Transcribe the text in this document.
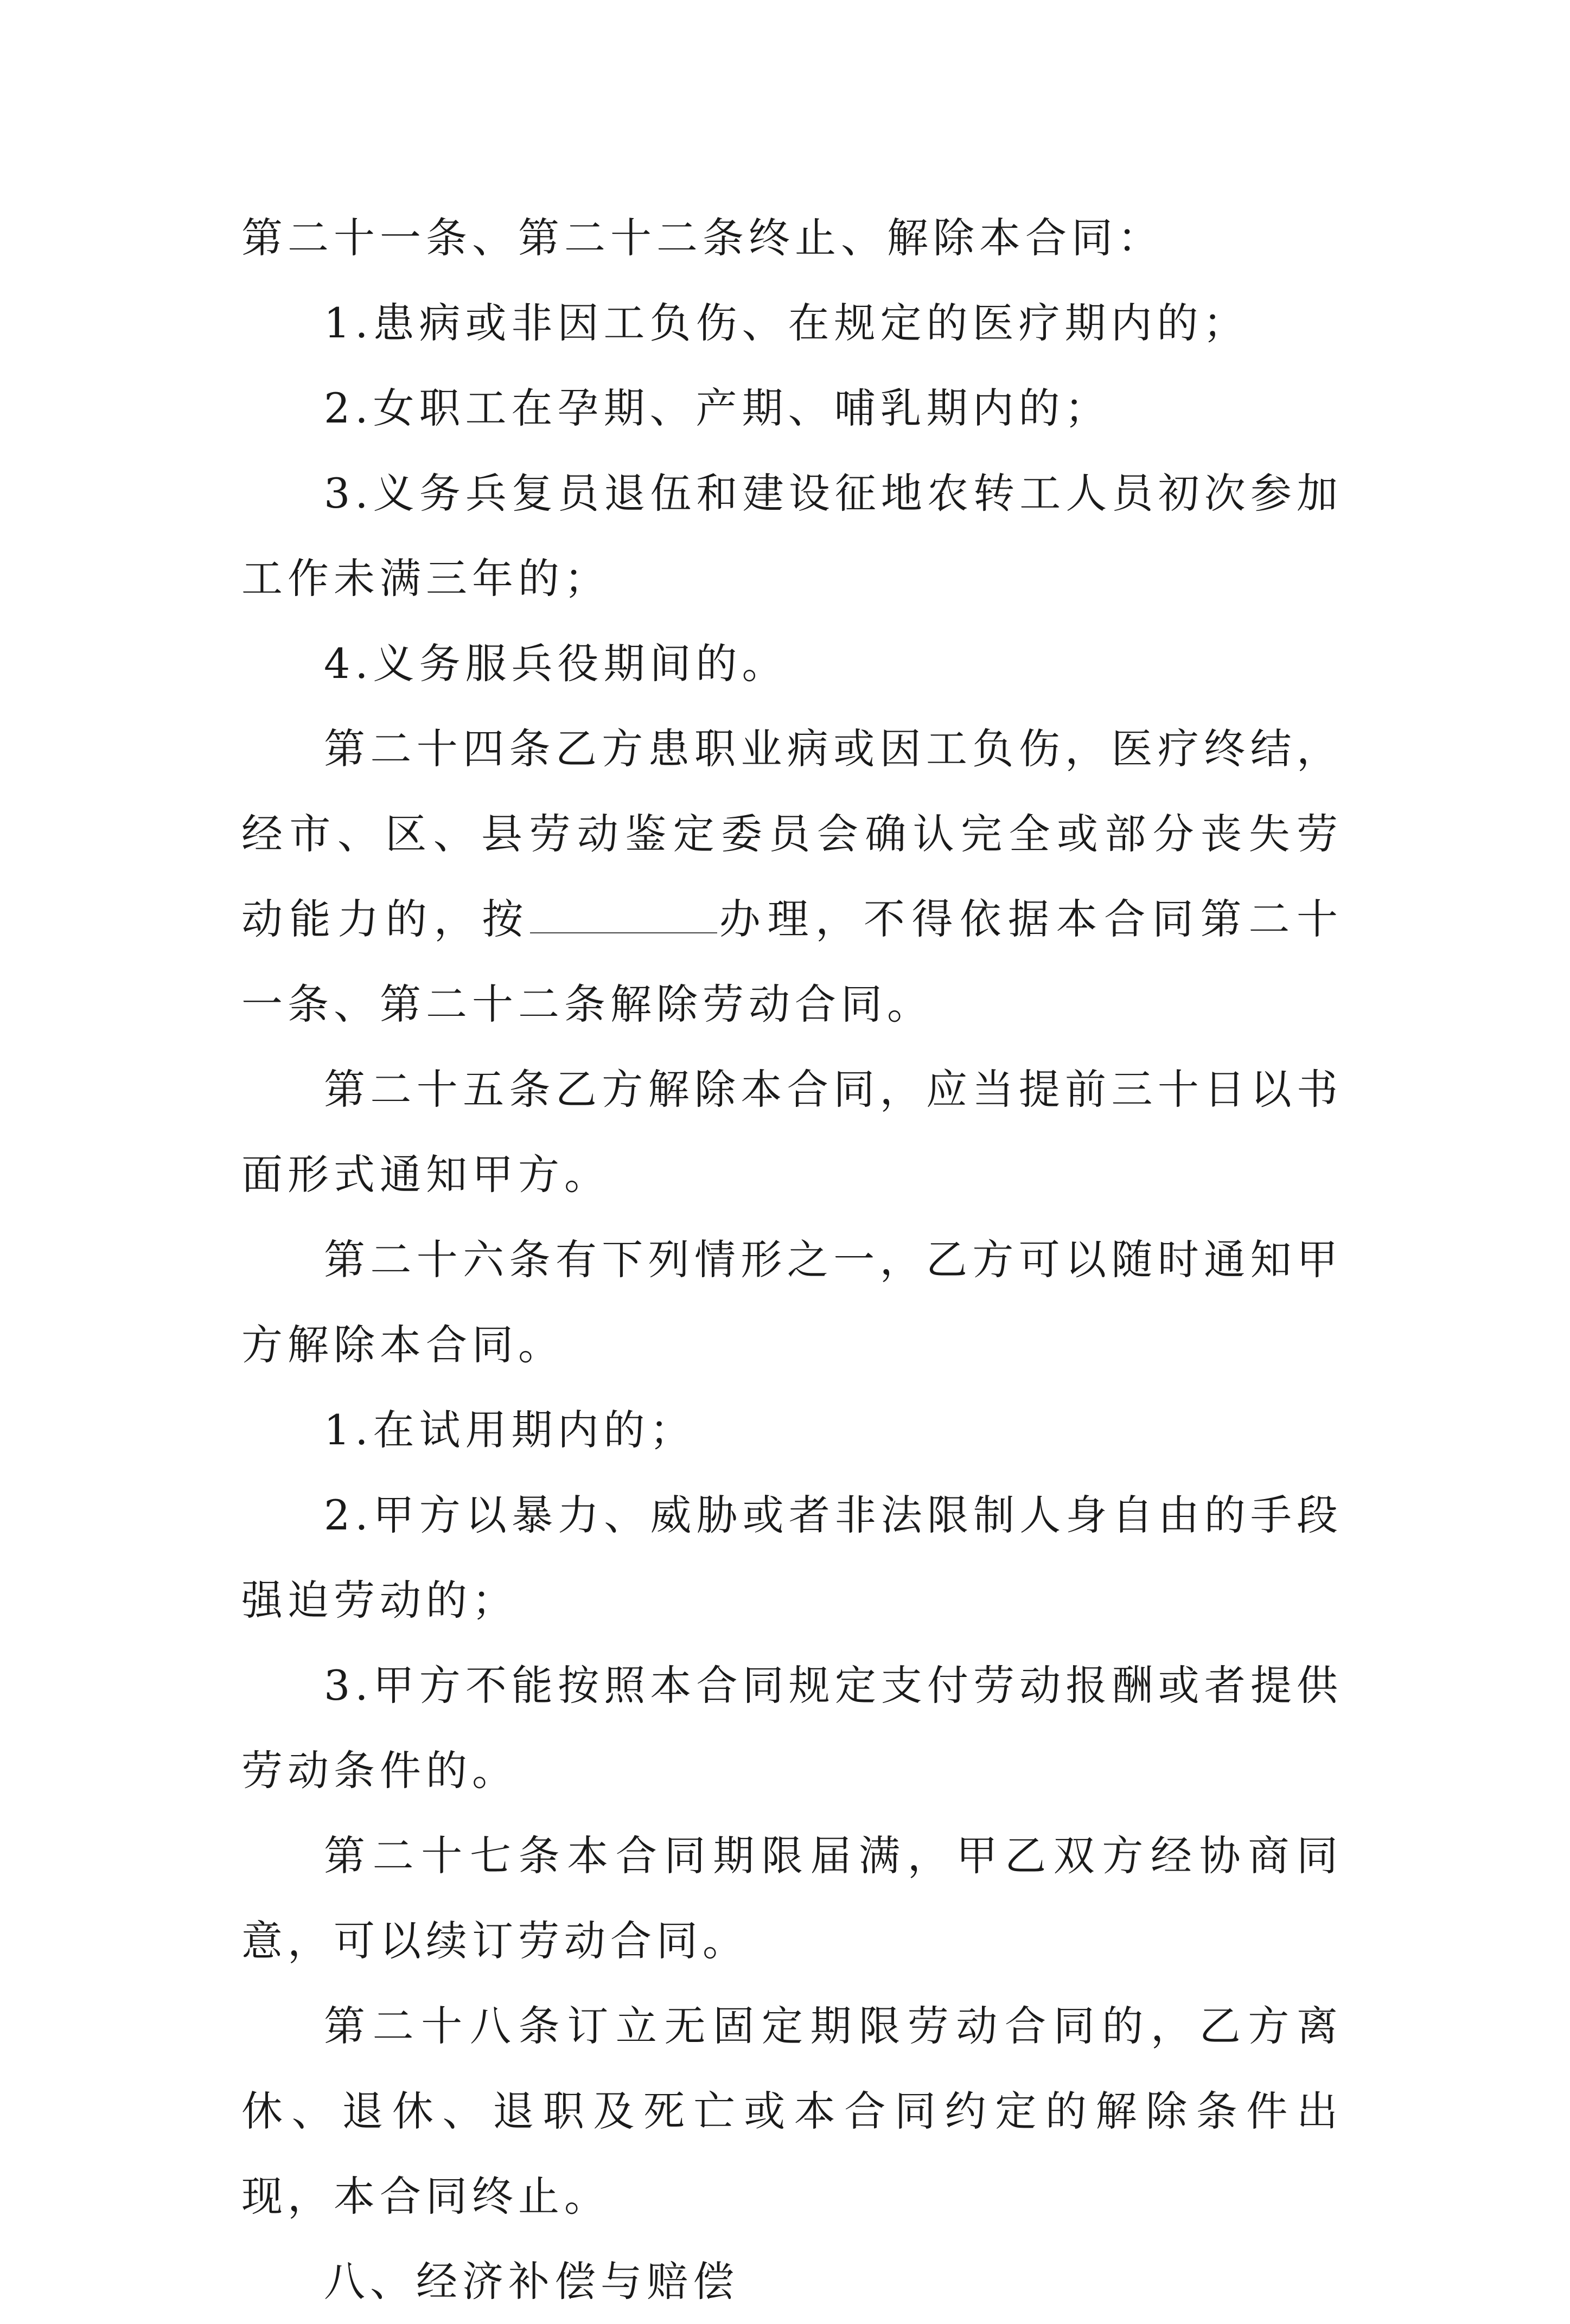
第二十一条、第二十二条终止、解除本合同：

1.患病或非因工负伤、在规定的医疗期内的；

2.女职工在孕期、产期、哺乳期内的；

3.义务兵复员退伍和建设征地农转工人员初次参加工作未满三年的；

4.义务服兵役期间的。

第二十四条乙方患职业病或因工负伤，医疗终结，经市、区、县劳动鉴定委员会确认完全或部分丧失劳动能力的，按	办理，不得依据本合同第二十一条、第二十二条解除劳动合同。

第二十五条乙方解除本合同，应当提前三十日以书面形式通知甲方。

第二十六条有下列情形之一，乙方可以随时通知甲方解除本合同。

1.在试用期内的；

2.甲方以暴力、威胁或者非法限制人身自由的手段强迫劳动的；

3.甲方不能按照本合同规定支付劳动报酬或者提供劳动条件的。

第二十七条本合同期限届满，甲乙双方经协商同意，可以续订劳动合同。

第二十八条订立无固定期限劳动合同的，乙方离休、退休、退职及死亡或本合同约定的解除条件出现，本合同终止。

八、经济补偿与赔偿
